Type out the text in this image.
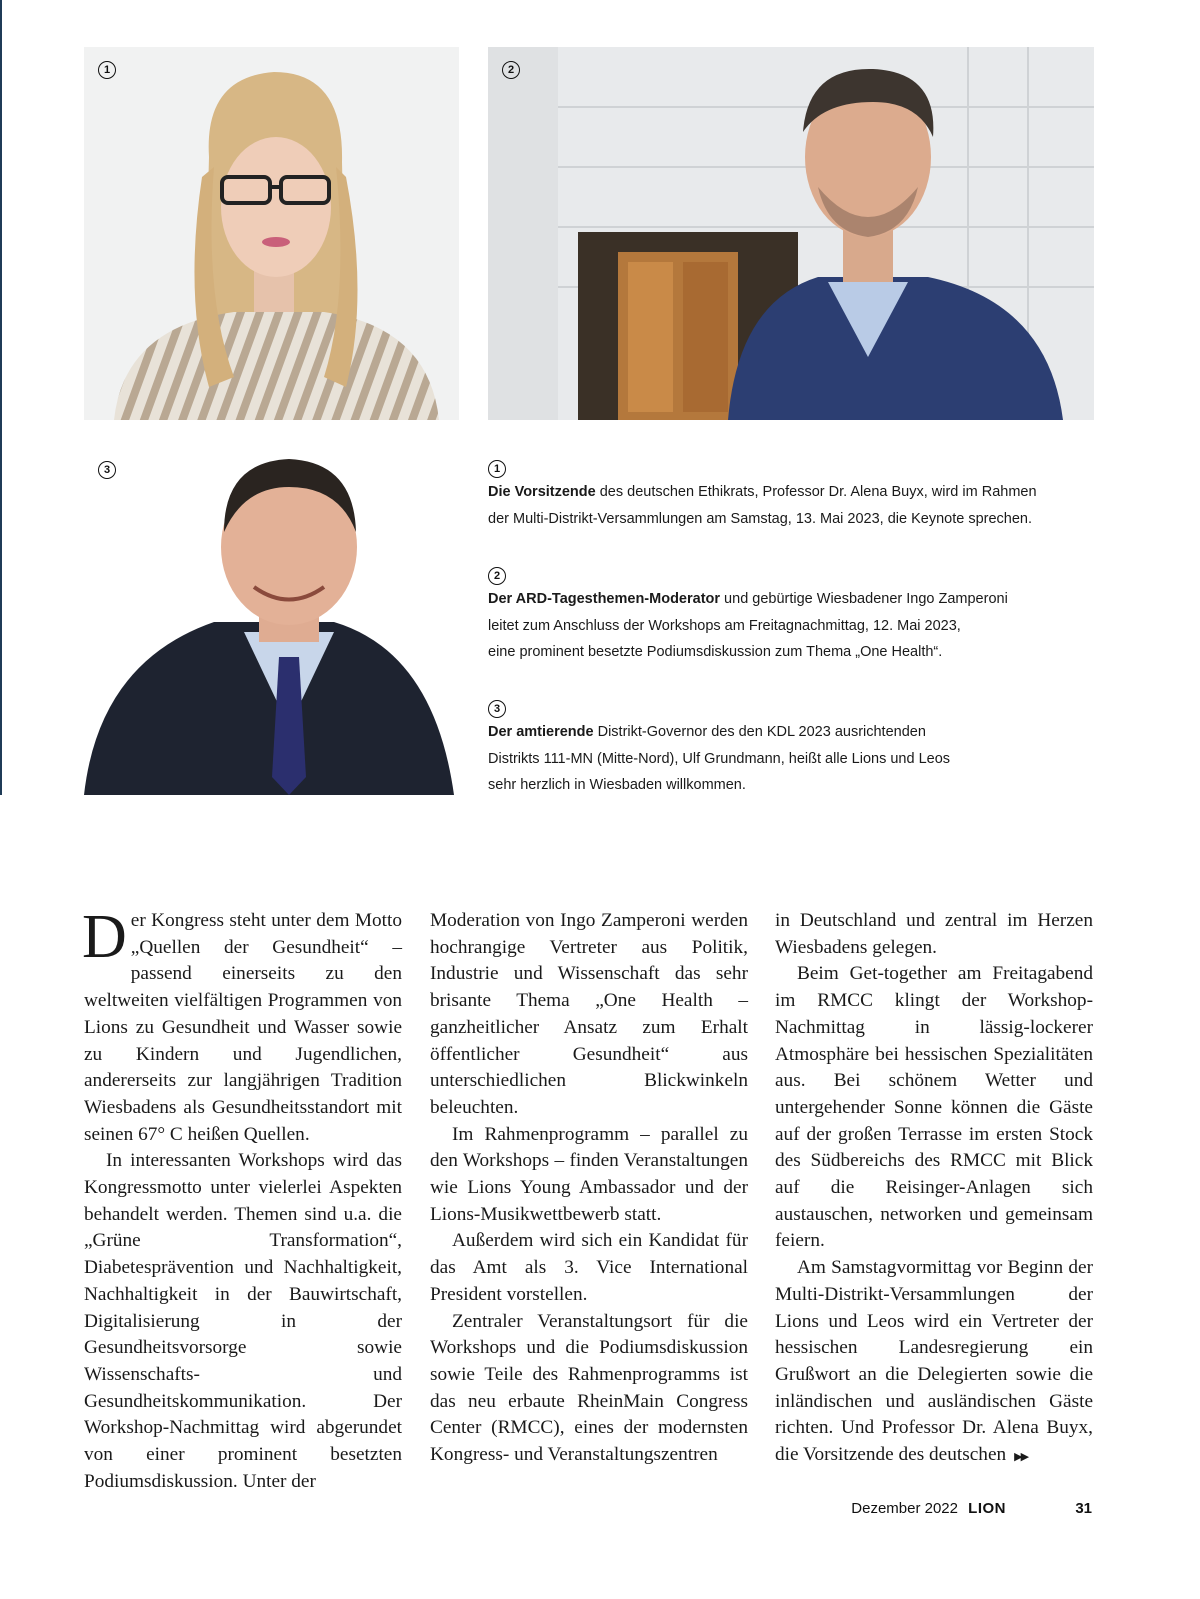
1	2
3	1

Die Vorsitzende des deutschen Ethikrats, Professor Dr. Alena Buyx, wird im Rahmen

der Multi-Distrikt-Versammlungen am Samstag, 13. Mai 2023, die Keynote sprechen.

2

Der ARD-Tagesthemen-Moderator und gebürtige Wiesbadener Ingo Zamperoni

leitet zum Anschluss der Workshops am Freitagnachmittag, 12. Mai 2023,

eine prominent besetzte Podiumsdiskussion zum Thema „One Health“.

3

Der amtierende Distrikt-Governor des den KDL 2023 ausrichtenden

Distrikts 111-MN (Mitte-Nord), Ulf Grundmann, heißt alle Lions und Leos

sehr herzlich in Wiesbaden willkommen.

Der Kongress steht unter dem Motto „Quellen der Gesundheit“ – passend einerseits zu den weltweiten vielfältigen Programmen von Lions zu Gesundheit und Wasser sowie zu Kindern und Jugendlichen, andererseits zur langjährigen Tradition Wiesbadens als Gesundheitsstandort mit seinen 67° C heißen Quellen.

In interessanten Workshops wird das Kongressmotto unter vielerlei Aspekten behandelt werden. Themen sind u.a. die „Grüne Transformation“, Diabetesprävention und Nachhaltigkeit, Nachhaltigkeit in der Bauwirtschaft, Digitalisierung in der Gesundheitsvorsorge sowie Wissenschafts- und Gesundheitskommunikation. Der Workshop-Nachmittag wird abgerundet von einer prominent besetzten Podiumsdiskussion. Unter der

Moderation von Ingo Zamperoni werden hochrangige Vertreter aus Politik, Industrie und Wissenschaft das sehr brisante Thema „One Health – ganzheitlicher Ansatz zum Erhalt öffentlicher Gesundheit“ aus unterschiedlichen Blickwinkeln beleuchten.

Im Rahmenprogramm – parallel zu den Workshops – finden Veranstaltungen wie Lions Young Ambassador und der Lions-Musikwettbewerb statt.

Außerdem wird sich ein Kandidat für das Amt als 3. Vice International President vorstellen.

Zentraler Veranstaltungsort für die Workshops und die Podiumsdiskussion sowie Teile des Rahmenprogramms ist das neu erbaute RheinMain Congress Center (RMCC), eines der modernsten Kongress- und Veranstaltungszentren

in Deutschland und zentral im Herzen Wiesbadens gelegen.

Beim Get-together am Freitagabend im RMCC klingt der Workshop-Nachmittag in lässig-lockerer Atmosphäre bei hessischen Spezialitäten aus. Bei schönem Wetter und untergehender Sonne können die Gäste auf der großen Terrasse im ersten Stock des Südbereichs des RMCC mit Blick auf die Reisinger-Anlagen sich austauschen, networken und gemeinsam feiern.

Am Samstagvormittag vor Beginn der Multi-Distrikt-Versammlungen der Lions und Leos wird ein Vertreter der hessischen Landesregierung ein Grußwort an die Delegierten sowie die inländischen und ausländischen Gäste richten. Und Professor Dr. Alena Buyx, die Vorsitzende des deutschen ▶▶

Dezember 2022 LION	31
